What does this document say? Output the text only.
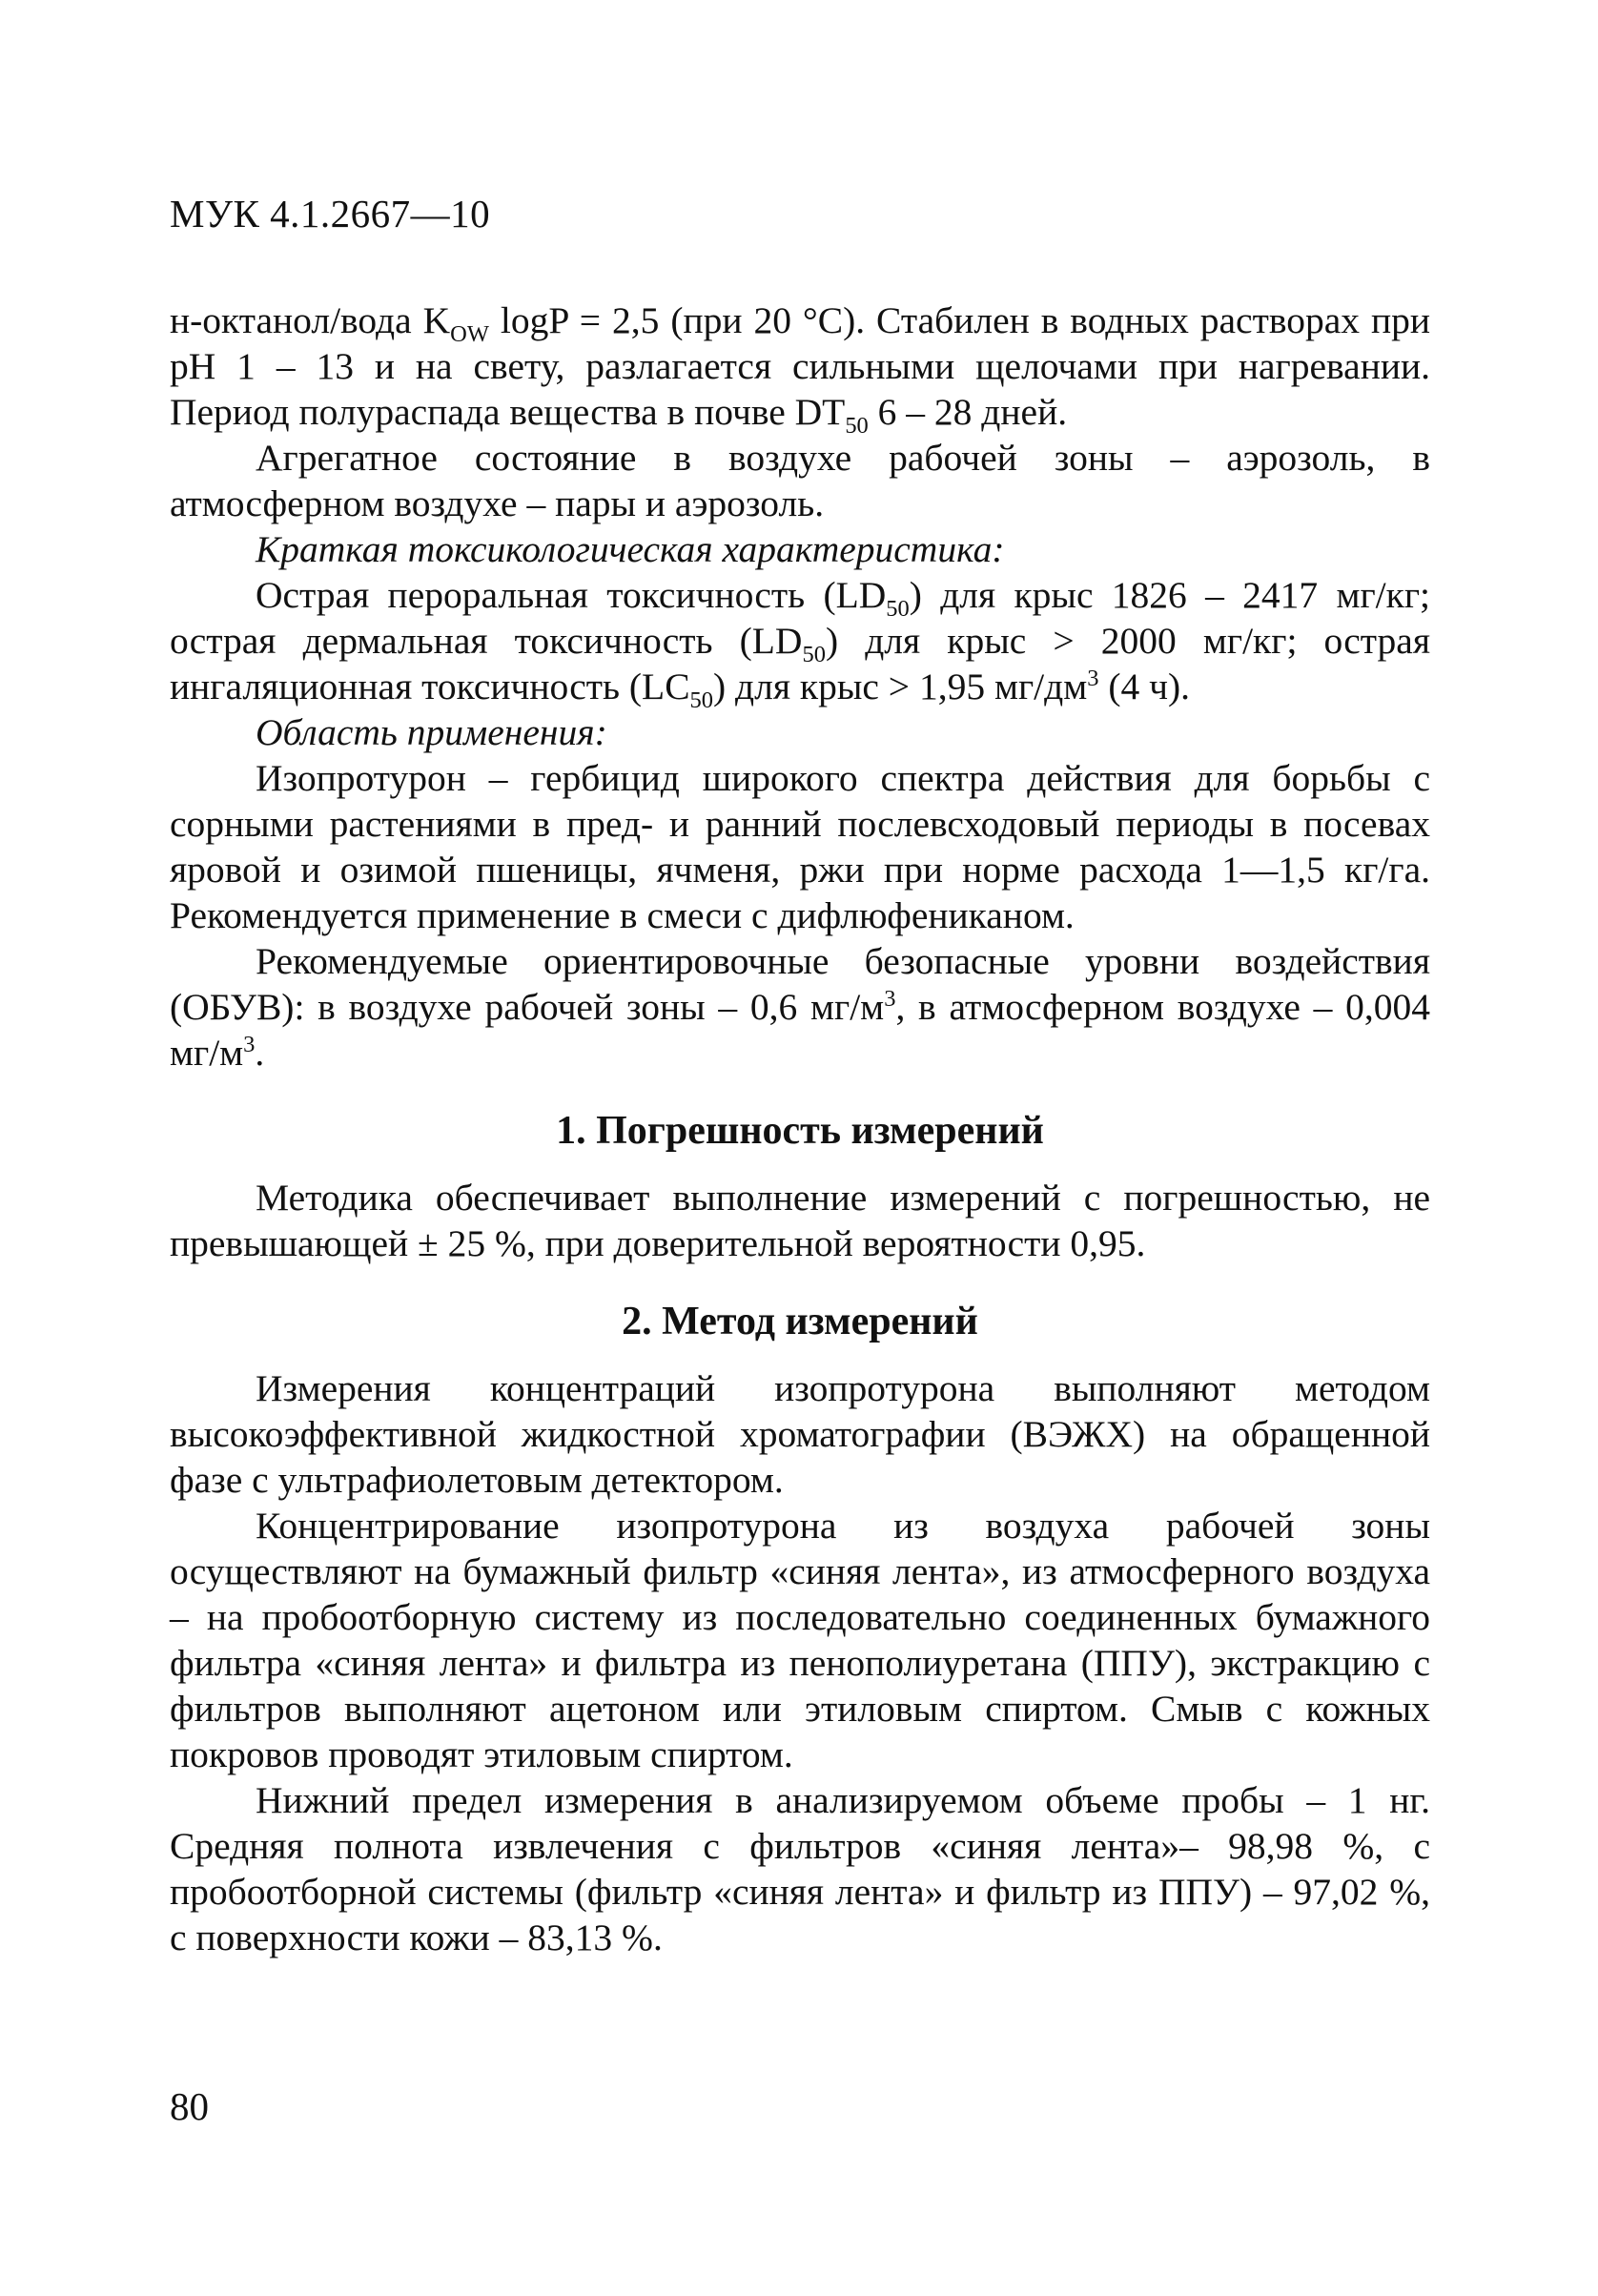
МУК 4.1.2667—10

н-октанол/вода $K_{OW}$ logP = 2,5 (при 20 °С). Стабилен в водных растворах при рН 1 – 13 и на свету, разлагается сильными щелочами при нагревании. Период полураспада вещества в почве $DT_{50}$ 6 – 28 дней.

Агрегатное состояние в воздухе рабочей зоны – аэрозоль, в атмосферном воздухе – пары и аэрозоль.

Краткая токсикологическая характеристика:

Острая пероральная токсичность $(LD_{50})$ для крыс 1826 – 2417 мг/кг; острая дермальная токсичность $(LD_{50})$ для крыс > 2000 мг/кг; острая ингаляционная токсичность $(LC_{50})$ для крыс > 1,95 $мг/дм^3$ (4 ч).

Область применения:

Изопротурон – гербицид широкого спектра действия для борьбы с сорными растениями в пред- и ранний послевсходовый периоды в посевах яровой и озимой пшеницы, ячменя, ржи при норме расхода 1—1,5 кг/га. Рекомендуется применение в смеси с дифлюфениканом.

Рекомендуемые ориентировочные безопасные уровни воздействия (ОБУВ): в воздухе рабочей зоны – 0,6 $мг/м^3$, в атмосферном воздухе – 0,004 $мг/м^3$.

1. Погрешность измерений

Методика обеспечивает выполнение измерений с погрешностью, не превышающей ± 25 %, при доверительной вероятности 0,95.

2. Метод измерений

Измерения концентраций изопротурона выполняют методом высокоэффективной жидкостной хроматографии (ВЭЖХ) на обращенной фазе с ультрафиолетовым детектором.

Концентрирование изопротурона из воздуха рабочей зоны осуществляют на бумажный фильтр «синяя лента», из атмосферного воздуха – на пробоотборную систему из последовательно соединенных бумажного фильтра «синяя лента» и фильтра из пенополиуретана (ППУ), экстракцию с фильтров выполняют ацетоном или этиловым спиртом. Смыв с кожных покровов проводят этиловым спиртом.

Нижний предел измерения в анализируемом объеме пробы – 1 нг. Средняя полнота извлечения с фильтров «синяя лента»– 98,98 %, с пробоотборной системы (фильтр «синяя лента» и фильтр из ППУ) – 97,02 %, с поверхности кожи – 83,13 %.

80
